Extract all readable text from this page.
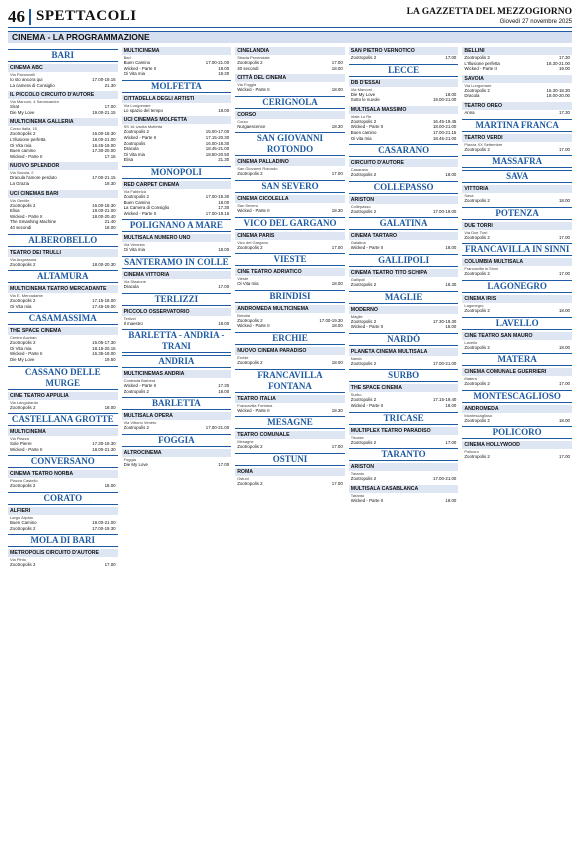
46 SPETTACOLI	LA GAZZETTA DEL MEZZOGIORNO
Giovedì 27 novembre 2025
CINEMA - LA PROGRAMMAZIONE
BARI
CINEMA ABC
Via Pavoncelli
Io sto ancora qui	17.00-19.15
La camera di Consiglio	21.30
IL PICCOLO CIRCUITO D'AUTORE
Via Marconi, 4 Sannicandro
Sirat	17.00
Die My Love	19.00-21.15
MULTICINEMA GALLERIA
Corso Italia, 15
Zootropolis 2	16.00-18.30
L'Illusione perfetta	18.00-21.00
Oi Vita mia	16.45-19.00
Buen camino	17.30-20.00
Wicked - Parte II	17.15
NUOVO SPLENDOR
Via Savoia, 2
Dracula l'amore perduto	17.00-21.15
La Grazia	19.30
UCI CINEMAS BARI
Via Gentile
Zootropolis 2	16.00-18.30
Elisa	18.00-21.00
Wicked - Parte II	18.00-20.40
The Smashing Machine	21.40
40 secondi	18.00
ALBEROBELLO
TEATRO DEI TRULLI
Via Anguissola
Zootropolis 2	18.00-20.30
ALTAMURA
MULTICINEMA TEATRO MERCADANTE
Via E. Mercadante
Zootropolis 2	17.15-18.00
Oi Vita mia	17.45-19.00
CASAMASSIMA
THE SPACE CINEMA
Centro Auchan
Zootropolis 2	16.05-17.30
Oi Vita mia	18.15-20.15
Wicked - Parte II	16.35-19.00
Die My Love	19.50
CASSANO DELLE MURGE
CINE TEATRO APPULIA
Via Langobardo
Zootropolis 2	18.00
CASTELLANA GROTTE
MULTICINEMA
Via Piazza
Sole Pierre	17.30-19.30
Wicked - Parte II	18.00-21.30
CONVERSANO
CINEMA TEATRO NORBA
Piazza Castello
Zootropolis 2	18.00
CORATO
ALFIERI
Largo Arpaia
Buen Camino	18.00-21.00
Zootropolis 2	17.00-19.30
MOLA DI BARI
METROPOLIS CIRCUITO D'AUTORE
Via Pinto
Zootropolis 2	17.00
MULTICINEMA
Bari
Buen Camino	17.00-21.00
Wicked - Parte II	18.00
Oi Vita mia	19.30
MOLFETTA
CITTADELLA DEGLI ARTISTI
Via Lungomare
Lo spazio del tempo	18.00
UCI CINEMAS MOLFETTA
SS 16 Uscita Molfetta
Zootropolis 2	15.00-17.00
Wicked - Parte II	17.15-20.30
Zootropolis	16.00-18.30
Dracula	18.45-21.00
Oi Vita mia	18.50-20.50
Elisa	21.30
MONOPOLI
RED CARPET CINEMA
Via Fabbrica
Zootropolis 2	17.00-19.30
Buen Camino	18.00
La Camera di Consiglio	17.30
Wicked - Parte II	17.00-19.15
POLIGNANO A MARE
MULTISALA NUMERO UNO
Via Venezia
Oi Vita mia	18.00
SANTERAMO IN COLLE
CINEMA VITTORIA
Via Stazione
Dracula	17.00
TERLIZZI
PICCOLO OSSERVATORIO
Terlizzi
Il maestro	18.00
BARLETTA - ANDRIA - TRANI
ANDRIA
MULTICINEMAS ANDRIA
Contrada Barbera
Wicked - Parte II	17.30
Zootropolis 2	18.00
BARLETTA
MULTISALA OPERA
Via Vittorio Veneto
Zootropolis 2	17.00-21.00
FOGGIA
ALTROCINEMA
Foggia
Die My Love	17.00
CINELANDIA
Strada Provinciale
Zootropolis 2	17.00
40 secondi	18.00
CITTÀ DEL CINEMA
Via Foggia
Wicked - Parte II	18.00
CERIGNOLA
CORSO
Corso
Nurgaescence	18.30
SAN GIOVANNI ROTONDO
CINEMA PALLADINO
San Giovanni Rotondo
Zootropolis 2	17.00
SAN SEVERO
CINEMA CICOLELLA
San Severo
Wicked - Parte II	18.30
VICO DEL GARGANO
CINEMA PARIS
Vico del Gargano
Zootropolis 2	17.00
VIESTE
CINE TEATRO ADRIATICO
Vieste
Oi Vita mia	18.00
BRINDISI
ANDROMEDA MULTICINEMA
Brindisi
Zootropolis 2	17.00-19.30
Wicked - Parte II	18.00
ERCHIE
NUOVO CINEMA PARADISO
Erchie
Zootropolis 2	18.00
FRANCAVILLA FONTANA
TEATRO ITALIA
Francavilla Fontana
Wicked - Parte II	18.30
MESAGNE
TEATRO COMUNALE
Mesagne
Zootropolis 2	17.00
OSTUNI
ROMA
Ostuni
Zootropolis 2	17.00
SAN PIETRO VERNOTICO
Zootropolis 2	17.00
LECCE
DB D'ESSAI
Via Marconi
Die My Love	18.00
Sotto le nuvole	19.00-21.00
MULTISALA MASSIMO
Viale Lo Re
Zootropolis 2	16.45-19.45
Wicked - Parte II	18.00-21.00
Buen camino	17.00-21.15
Oi vita mia	18.45-21.00
CASARANO
CIRCUITO D'AUTORE
Casarano
Zootropolis 2	18.00
COLLEPASSO
ARISTON
Collepasso
Zootropolis 2	17.00-19.00
GALATINA
CINEMA TARTARO
Galatina
Wicked - Parte II	18.00
GALLIPOLI
CINEMA TEATRO TITO SCHIPA
Gallipoli
Zootropolis 2	18.30
MAGLIE
MODERNO
Maglie
Zootropolis 2	17.30-19.30
Wicked - Parte II	18.00
NARDÒ
PLANETA CINEMA MULTISALA
Nardò
Zootropolis 2	17.00-21.00
SURBO
THE SPACE CINEMA
Surbo
Zootropolis 2	17.15-19.40
Wicked - Parte II	18.00
TRICASE
MULTIPLEX TEATRO PARADISO
Tricase
Zootropolis 2	17.00
TARANTO
ARISTON
Taranto
Zootropolis 2	17.00-21.00
MULTISALA CASABLANCA
Taranto
Wicked - Parte II	18.00
BELLINI
Zootropolis 2	17.30
L'Illusione perfetta	18.30-21.00
Wicked - Parte II	19.00
SAVOIA
Via Lungomare
Zootropolis 2	16.30-18.30
Dracula	18.00-20.00
TEATRO OREO
Anna	17.30
MARTINA FRANCA
TEATRO VERDI
Piazza XX Settembre
Zootropolis 2	17.00
MASSAFRA
SAVA
VITTORIA
Sava
Zootropolis 2	18.00
POTENZA
DUE TORRI
Via Due Torri
Zootropolis 2	17.00
FRANCAVILLA IN SINNI
COLUMBIA MULTISALA
Francavilla in Sinni
Zootropolis 2	17.00
LAGONEGRO
CINEMA IRIS
Lagonegro
Zootropolis 2	18.00
LAVELLO
CINE TEATRO SAN MAURO
Lavello
Zootropolis 2	18.00
MATERA
CINEMA COMUNALE GUERRIERI
Matera
Zootropolis 2	17.00
MONTESCAGLIOSO
ANDROMEDA
Montescaglioso
Zootropolis 2	18.00
POLICORO
CINEMA HOLLYWOOD
Policoro
Zootropolis 2	17.00
